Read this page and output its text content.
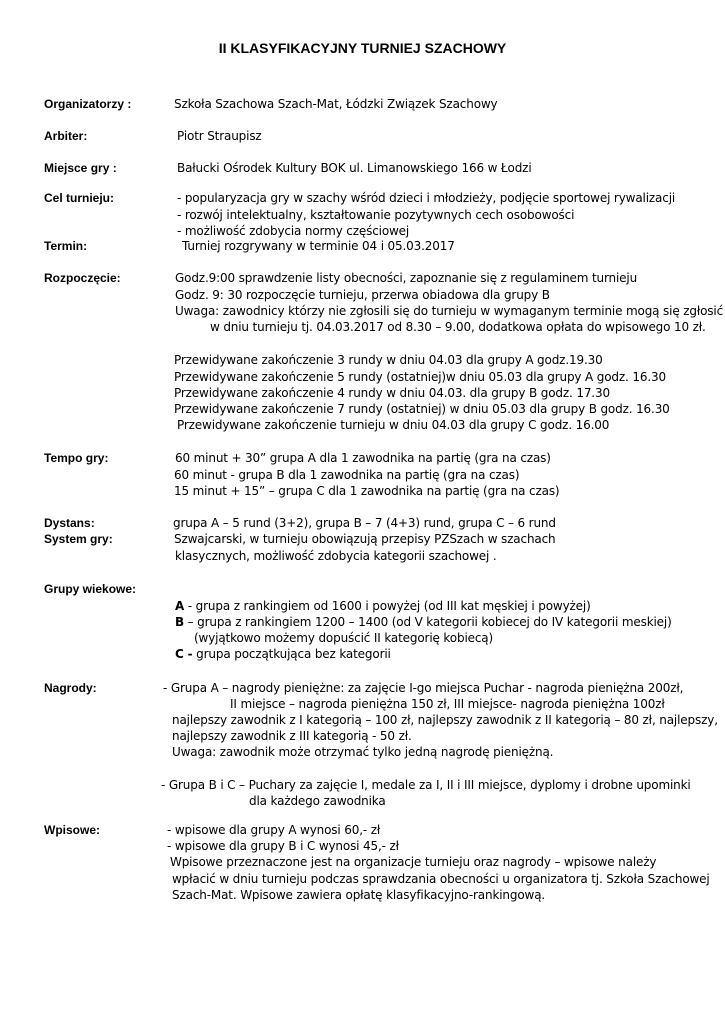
II KLASYFIKACYJNY TURNIEJ SZACHOWY
Organizatorzy :	Szkoła Szachowa Szach-Mat, Łódzki Związek Szachowy
Arbiter:	Piotr Straupisz
Miejsce gry :	Bałucki Ośrodek Kultury BOK ul. Limanowskiego 166 w Łodzi
Cel turnieju:	- popularyzacja gry w szachy wśród dzieci i młodzieży, podjęcie sportowej rywalizacji
- rozwój intelektualny, kształtowanie pozytywnych cech osobowości
- możliwość zdobycia normy częściowej
Termin:	Turniej rozgrywany w terminie 04 i 05.03.2017
Rozpoczęcie:	Godz.9:00 sprawdzenie listy obecności, zapoznanie się z regulaminem turnieju
Godz. 9: 30 rozpoczęcie turnieju, przerwa obiadowa dla grupy B
Uwaga: zawodnicy którzy nie zgłosili się do turnieju w wymaganym terminie mogą się zgłosić
w dniu turnieju tj. 04.03.2017 od 8.30 – 9.00, dodatkowa opłata do wpisowego 10 zł.
Przewidywane zakończenie 3 rundy w dniu 04.03 dla grupy A godz.19.30
Przewidywane zakończenie 5 rundy (ostatniej)w dniu 05.03 dla grupy A godz. 16.30
Przewidywane zakończenie 4 rundy w dniu 04.03. dla grupy B godz. 17.30
Przewidywane zakończenie 7 rundy (ostatniej) w dniu 05.03 dla grupy B godz. 16.30
Przewidywane zakończenie turnieju w dniu 04.03 dla grupy C godz. 16.00
Tempo gry:	60 minut + 30” grupa A dla 1 zawodnika na partię (gra na czas)
60 minut - grupa B dla 1 zawodnika na partię (gra na czas)
15 minut + 15” – grupa C dla 1 zawodnika na partię (gra na czas)
Dystans:	grupa A – 5 rund (3+2), grupa B – 7 (4+3) rund, grupa C – 6 rund
System gry:	Szwajcarski, w turnieju obowiązują przepisy PZSzach w szachach
klasycznych, możliwość zdobycia kategorii szachowej .
Grupy wiekowe:
A - grupa z rankingiem od 1600 i powyżej (od III kat męskiej i powyżej)
B – grupa z rankingiem 1200 – 1400 (od V kategorii kobiecej do IV kategorii meskiej)
(wyjątkowo możemy dopuścić II kategorię kobiecą)
C - grupa początkująca bez kategorii
Nagrody:	- Grupa A – nagrody pieniężne: za zajęcie I-go miejsca Puchar - nagroda pieniężna 200zł,
II miejsce – nagroda pieniężna 150 zł, III miejsce- nagroda pieniężna 100zł
najlepszy zawodnik z I kategorią – 100 zł, najlepszy zawodnik z II kategorią – 80 zł, najlepszy,
najlepszy zawodnik z III kategorią - 50 zł.
Uwaga: zawodnik może otrzymać tylko jedną nagrodę pieniężną.
- Grupa B i C – Puchary za zajęcie I, medale za I, II i III miejsce, dyplomy i drobne upominki
dla każdego zawodnika
Wpisowe:	- wpisowe dla grupy A wynosi 60,- zł
- wpisowe dla grupy B i C wynosi 45,- zł
Wpisowe przeznaczone jest na organizacje turnieju oraz nagrody – wpisowe należy
wpłacić w dniu turnieju podczas sprawdzania obecności u organizatora tj. Szkoła Szachowej
Szach-Mat. Wpisowe zawiera opłatę klasyfikacyjno-rankingową.
